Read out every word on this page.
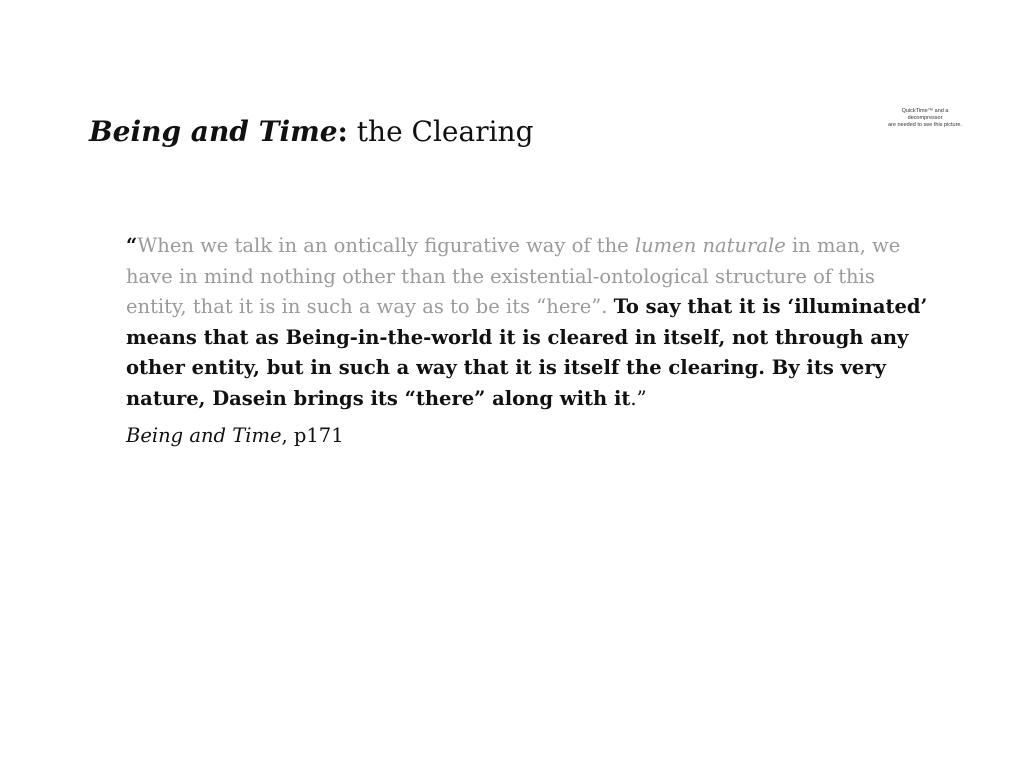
Being and Time: the Clearing
QuickTime™ and a
decompressor
are needed to see this picture.

“When we talk in an ontically figurative way of the lumen naturale in man, we have in mind nothing other than the existential-ontological structure of this entity, that it is in such a way as to be its “here”. To say that it is ‘illuminated’ means that as Being-in-the-world it is cleared in itself, not through any other entity, but in such a way that it is itself the clearing. By its very nature, Dasein brings its “there” along with it.”

Being and Time, p171
